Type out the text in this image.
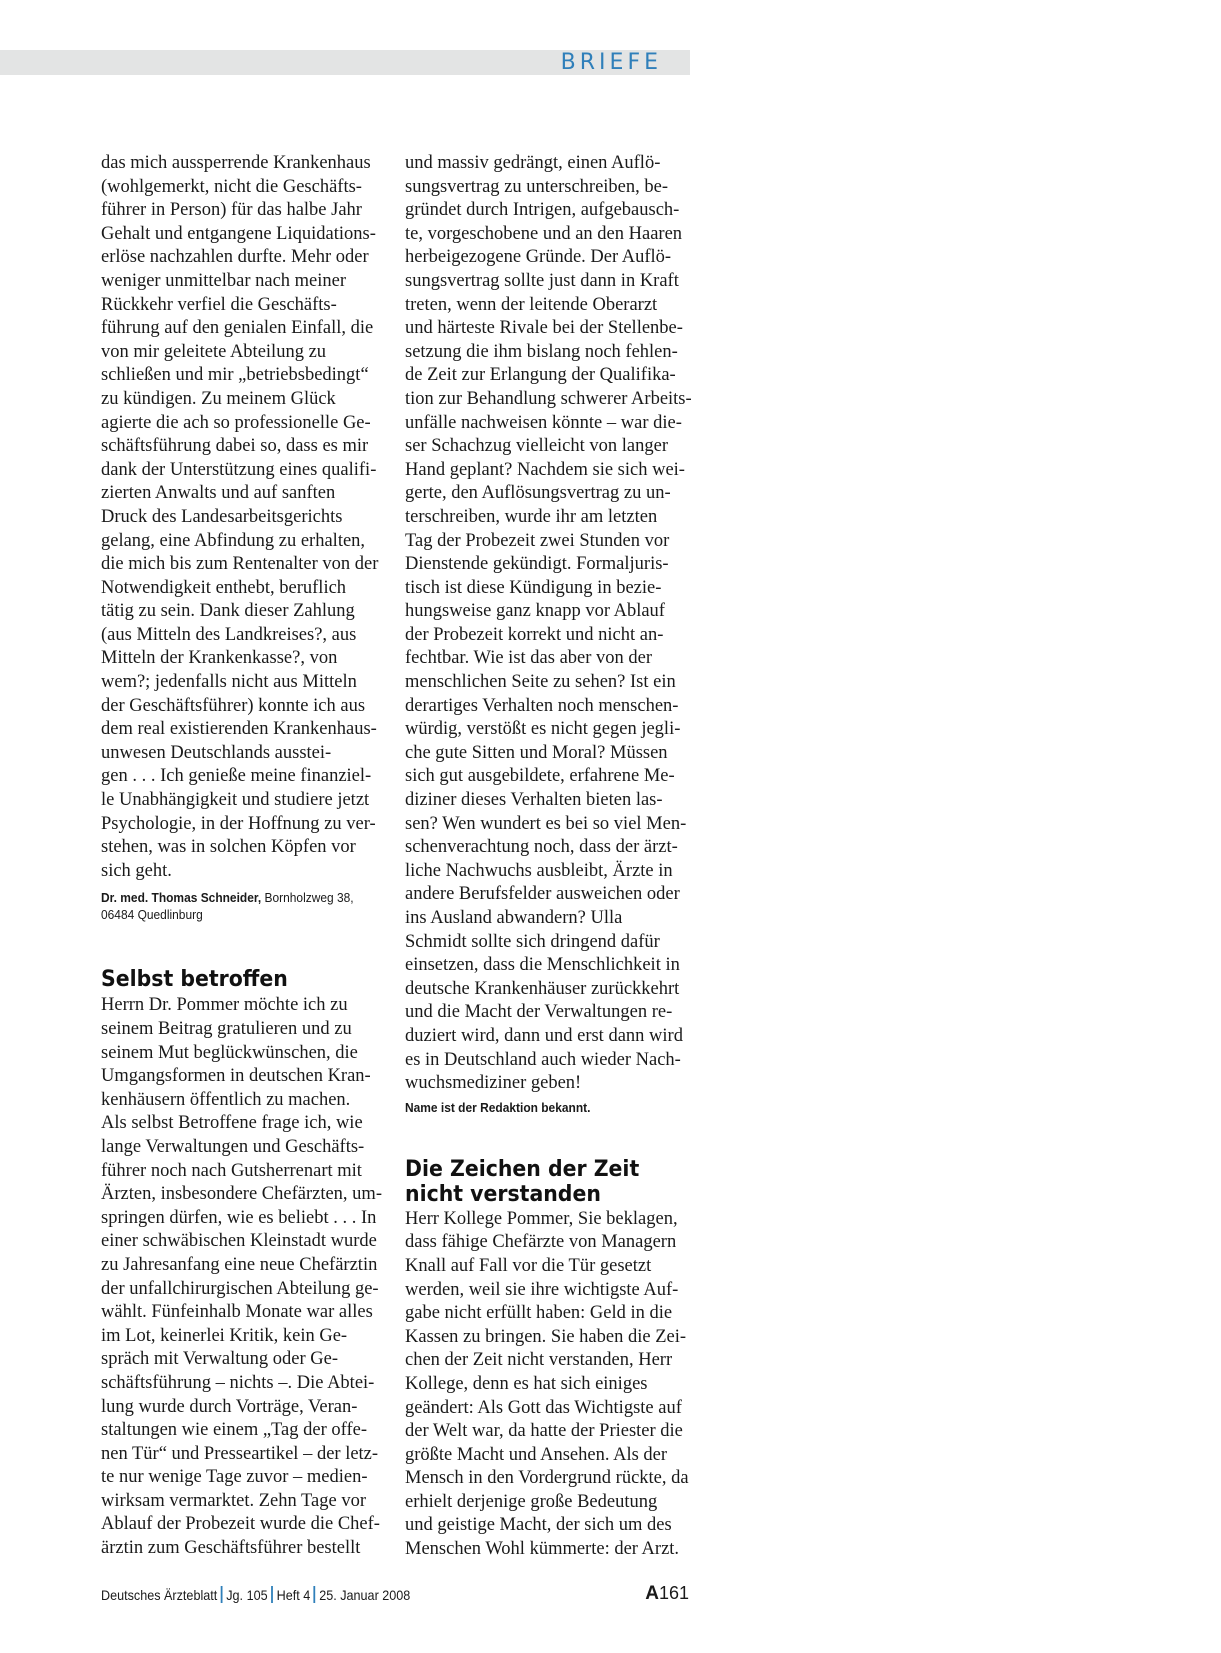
BRIEFE
das mich aussperrende Krankenhaus
(wohlgemerkt, nicht die Geschäfts-
führer in Person) für das halbe Jahr
Gehalt und entgangene Liquidations-
erlöse nachzahlen durfte. Mehr oder
weniger unmittelbar nach meiner
Rückkehr verfiel die Geschäfts-
führung auf den genialen Einfall, die
von mir geleitete Abteilung zu
schließen und mir „betriebsbedingt“
zu kündigen. Zu meinem Glück
agierte die ach so professionelle Ge-
schäftsführung dabei so, dass es mir
dank der Unterstützung eines qualifi-
zierten Anwalts und auf sanften
Druck des Landesarbeitsgerichts
gelang, eine Abfindung zu erhalten,
die mich bis zum Rentenalter von der
Notwendigkeit enthebt, beruflich
tätig zu sein. Dank dieser Zahlung
(aus Mitteln des Landkreises?, aus
Mitteln der Krankenkasse?, von
wem?; jedenfalls nicht aus Mitteln
der Geschäftsführer) konnte ich aus
dem real existierenden Krankenhaus-
unwesen Deutschlands ausstei-
gen . . . Ich genieße meine finanziel-
le Unabhängigkeit und studiere jetzt
Psychologie, in der Hoffnung zu ver-
stehen, was in solchen Köpfen vor
sich geht.
Dr. med. Thomas Schneider, Bornholzweg 38,
06484 Quedlinburg
Selbst betroffen
Herrn Dr. Pommer möchte ich zu
seinem Beitrag gratulieren und zu
seinem Mut beglückwünschen, die
Umgangsformen in deutschen Kran-
kenhäusern öffentlich zu machen.
Als selbst Betroffene frage ich, wie
lange Verwaltungen und Geschäfts-
führer noch nach Gutsherrenart mit
Ärzten, insbesondere Chefärzten, um-
springen dürfen, wie es beliebt . . . In
einer schwäbischen Kleinstadt wurde
zu Jahresanfang eine neue Chefärztin
der unfallchirurgischen Abteilung ge-
wählt. Fünfeinhalb Monate war alles
im Lot, keinerlei Kritik, kein Ge-
spräch mit Verwaltung oder Ge-
schäftsführung – nichts –. Die Abtei-
lung wurde durch Vorträge, Veran-
staltungen wie einem „Tag der offe-
nen Tür“ und Presseartikel – der letz-
te nur wenige Tage zuvor – medien-
wirksam vermarktet. Zehn Tage vor
Ablauf der Probezeit wurde die Chef-
ärztin zum Geschäftsführer bestellt
und massiv gedrängt, einen Auflö-
sungsvertrag zu unterschreiben, be-
gründet durch Intrigen, aufgebausch-
te, vorgeschobene und an den Haaren
herbeigezogene Gründe. Der Auflö-
sungsvertrag sollte just dann in Kraft
treten, wenn der leitende Oberarzt
und härteste Rivale bei der Stellenbe-
setzung die ihm bislang noch fehlen-
de Zeit zur Erlangung der Qualifika-
tion zur Behandlung schwerer Arbeits-
unfälle nachweisen könnte – war die-
ser Schachzug vielleicht von langer
Hand geplant? Nachdem sie sich wei-
gerte, den Auflösungsvertrag zu un-
terschreiben, wurde ihr am letzten
Tag der Probezeit zwei Stunden vor
Dienstende gekündigt. Formaljuris-
tisch ist diese Kündigung in bezie-
hungsweise ganz knapp vor Ablauf
der Probezeit korrekt und nicht an-
fechtbar. Wie ist das aber von der
menschlichen Seite zu sehen? Ist ein
derartiges Verhalten noch menschen-
würdig, verstößt es nicht gegen jegli-
che gute Sitten und Moral? Müssen
sich gut ausgebildete, erfahrene Me-
diziner dieses Verhalten bieten las-
sen? Wen wundert es bei so viel Men-
schenverachtung noch, dass der ärzt-
liche Nachwuchs ausbleibt, Ärzte in
andere Berufsfelder ausweichen oder
ins Ausland abwandern? Ulla
Schmidt sollte sich dringend dafür
einsetzen, dass die Menschlichkeit in
deutsche Krankenhäuser zurückkehrt
und die Macht der Verwaltungen re-
duziert wird, dann und erst dann wird
es in Deutschland auch wieder Nach-
wuchsmediziner geben!
Name ist der Redaktion bekannt.
Die Zeichen der Zeit
nicht verstanden
Herr Kollege Pommer, Sie beklagen,
dass fähige Chefärzte von Managern
Knall auf Fall vor die Tür gesetzt
werden, weil sie ihre wichtigste Auf-
gabe nicht erfüllt haben: Geld in die
Kassen zu bringen. Sie haben die Zei-
chen der Zeit nicht verstanden, Herr
Kollege, denn es hat sich einiges
geändert: Als Gott das Wichtigste auf
der Welt war, da hatte der Priester die
größte Macht und Ansehen. Als der
Mensch in den Vordergrund rückte, da
erhielt derjenige große Bedeutung
und geistige Macht, der sich um des
Menschen Wohl kümmerte: der Arzt.
Deutsches Ärzteblatt Jg. 105 Heft 4 25. Januar 2008	A161
